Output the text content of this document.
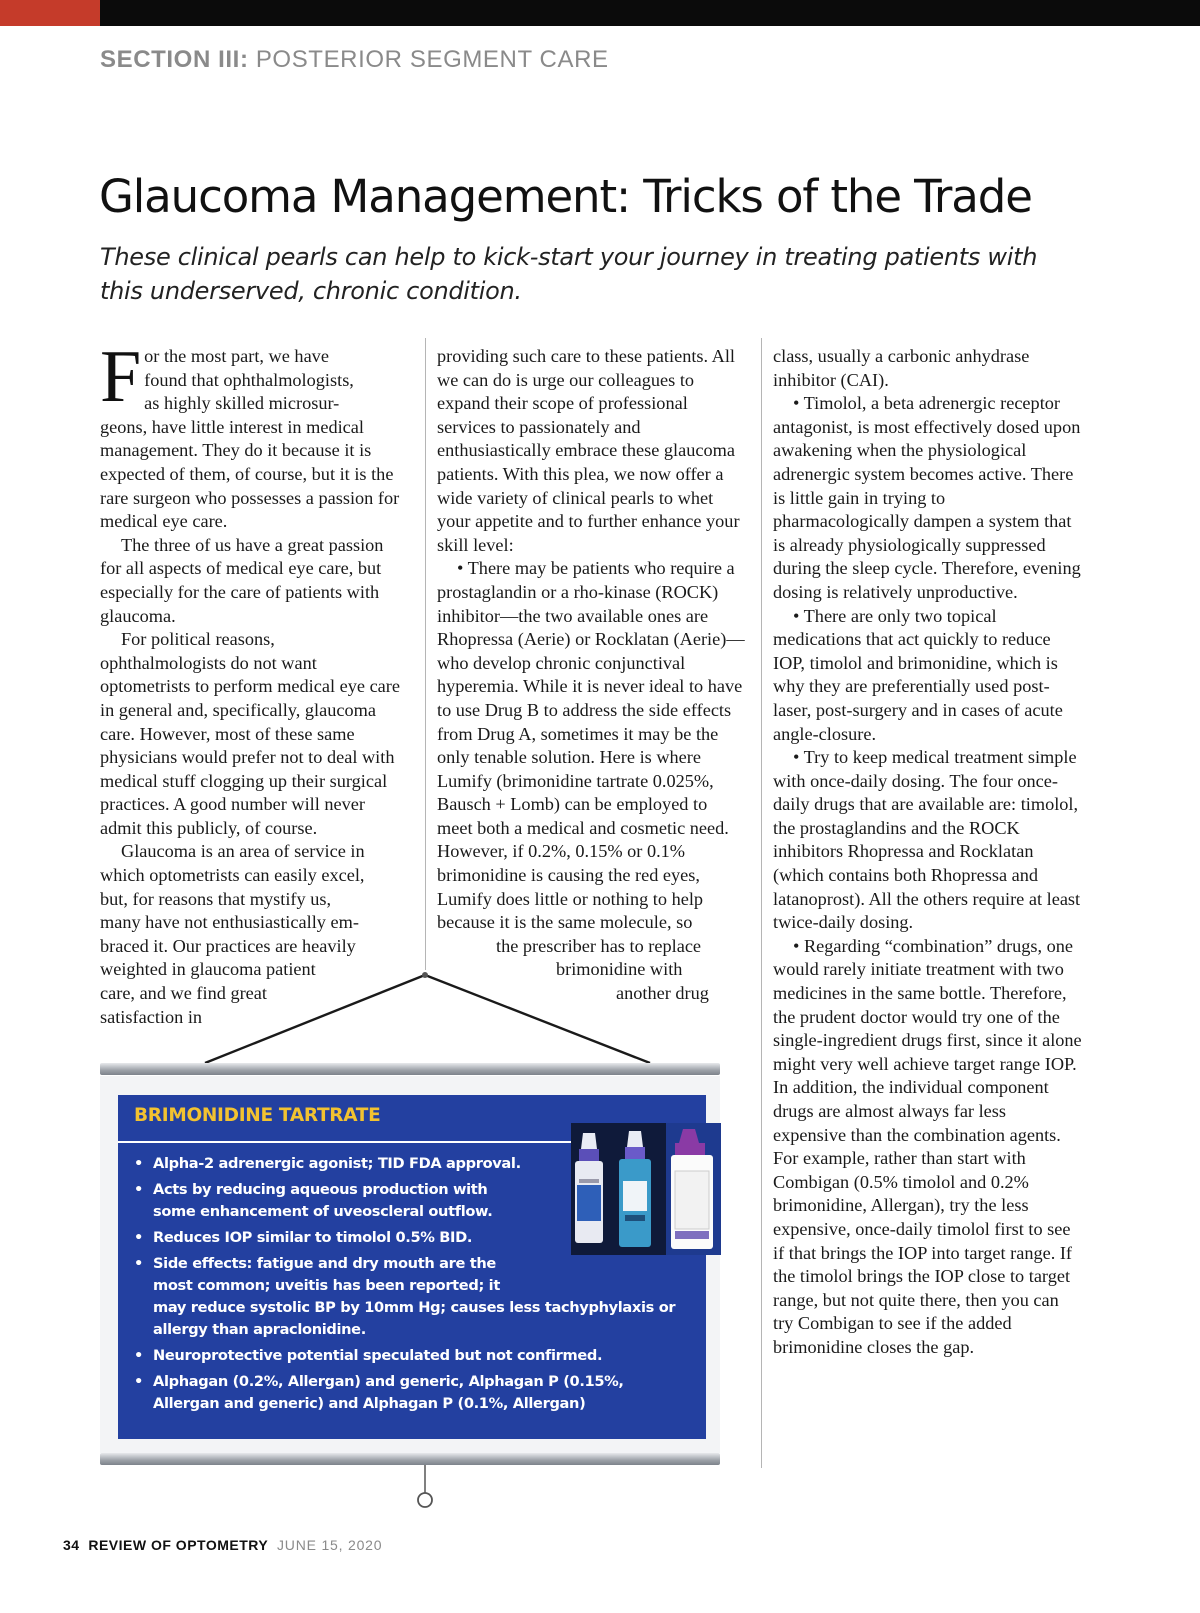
SECTION III: POSTERIOR SEGMENT CARE
Glaucoma Management: Tricks of the Trade
These clinical pearls can help to kick-start your journey in treating patients with this underserved, chronic condition.

F or the most part, we have
found that ophthalmologists,
as highly skilled microsur-
geons, have little interest in medical management. They do it because it is expected of them, of course, but it is the rare surgeon who possesses a passion for medical eye care.

The three of us have a great passion for all aspects of medical eye care, but especially for the care of patients with glaucoma.

For political reasons, ophthalmologists do not want optometrists to perform medical eye care in general and, specifically, glaucoma care. However, most of these same physicians would prefer not to deal with medical stuff clogging up their surgical practices. A good number will never admit this publicly, of course.

Glaucoma is an area of service in
which optometrists can easily excel,
but, for reasons that mystify us,
many have not enthusiastically em-
braced it. Our practices are heavily
weighted in glaucoma patient
care, and we find great
satisfaction in

providing such care to these patients. All we can do is urge our colleagues to expand their scope of professional services to passionately and enthusiastically embrace these glaucoma patients. With this plea, we now offer a wide variety of clinical pearls to whet your appetite and to further enhance your skill level:

• There may be patients who require a prostaglandin or a rho-kinase (ROCK) inhibitor—the two available ones are Rhopressa (Aerie) or Rocklatan (Aerie)—who develop chronic conjunctival hyperemia. While it is never ideal to have to use Drug B to address the side effects from Drug A, sometimes it may be the only tenable solution. Here is where Lumify (brimonidine tartrate 0.025%, Bausch + Lomb) can be employed to meet both a medical and cosmetic need. However, if 0.2%, 0.15% or 0.1% brimonidine is causing the red eyes, Lumify does little or nothing to help because it is the same molecule, so

the prescriber has to replace
brimonidine with
another drug

class, usually a carbonic anhydrase inhibitor (CAI).

• Timolol, a beta adrenergic receptor antagonist, is most effectively dosed upon awakening when the physiological adrenergic system becomes active. There is little gain in trying to pharmacologically dampen a system that is already physiologically suppressed during the sleep cycle. Therefore, evening dosing is relatively unproductive.

• There are only two topical medications that act quickly to reduce IOP, timolol and brimonidine, which is why they are preferentially used post-laser, post-surgery and in cases of acute angle-closure.

• Try to keep medical treatment simple with once-daily dosing. The four once-daily drugs that are available are: timolol, the prostaglandins and the ROCK inhibitors Rhopressa and Rocklatan (which contains both Rhopressa and latanoprost). All the others require at least twice-daily dosing.

• Regarding “combination” drugs, one would rarely initiate treatment with two medicines in the same bottle. Therefore, the prudent doctor would try one of the single-ingredient drugs first, since it alone might very well achieve target range IOP. In addition, the individual component drugs are almost always far less expensive than the combination agents. For example, rather than start with Combigan (0.5% timolol and 0.2% brimonidine, Allergan), try the less expensive, once-daily timolol first to see if that brings the IOP into target range. If the timolol brings the IOP close to target range, but not quite there, then you can try Combigan to see if the added brimonidine closes the gap.

BRIMONIDINE TARTRATE
• Alpha-2 adrenergic agonist; TID FDA approval.
• Acts by reducing aqueous production with
some enhancement of uveoscleral outflow.
• Reduces IOP similar to timolol 0.5% BID.
• Side effects: fatigue and dry mouth are the
most common; uveitis has been reported; it
may reduce systolic BP by 10mm Hg; causes less tachyphylaxis or
allergy than apraclonidine.
• Neuroprotective potential speculated but not confirmed.
• Alphagan (0.2%, Allergan) and generic, Alphagan P (0.15%,
Allergan and generic) and Alphagan P (0.1%, Allergan)
34 REVIEW OF OPTOMETRY JUNE 15, 2020
